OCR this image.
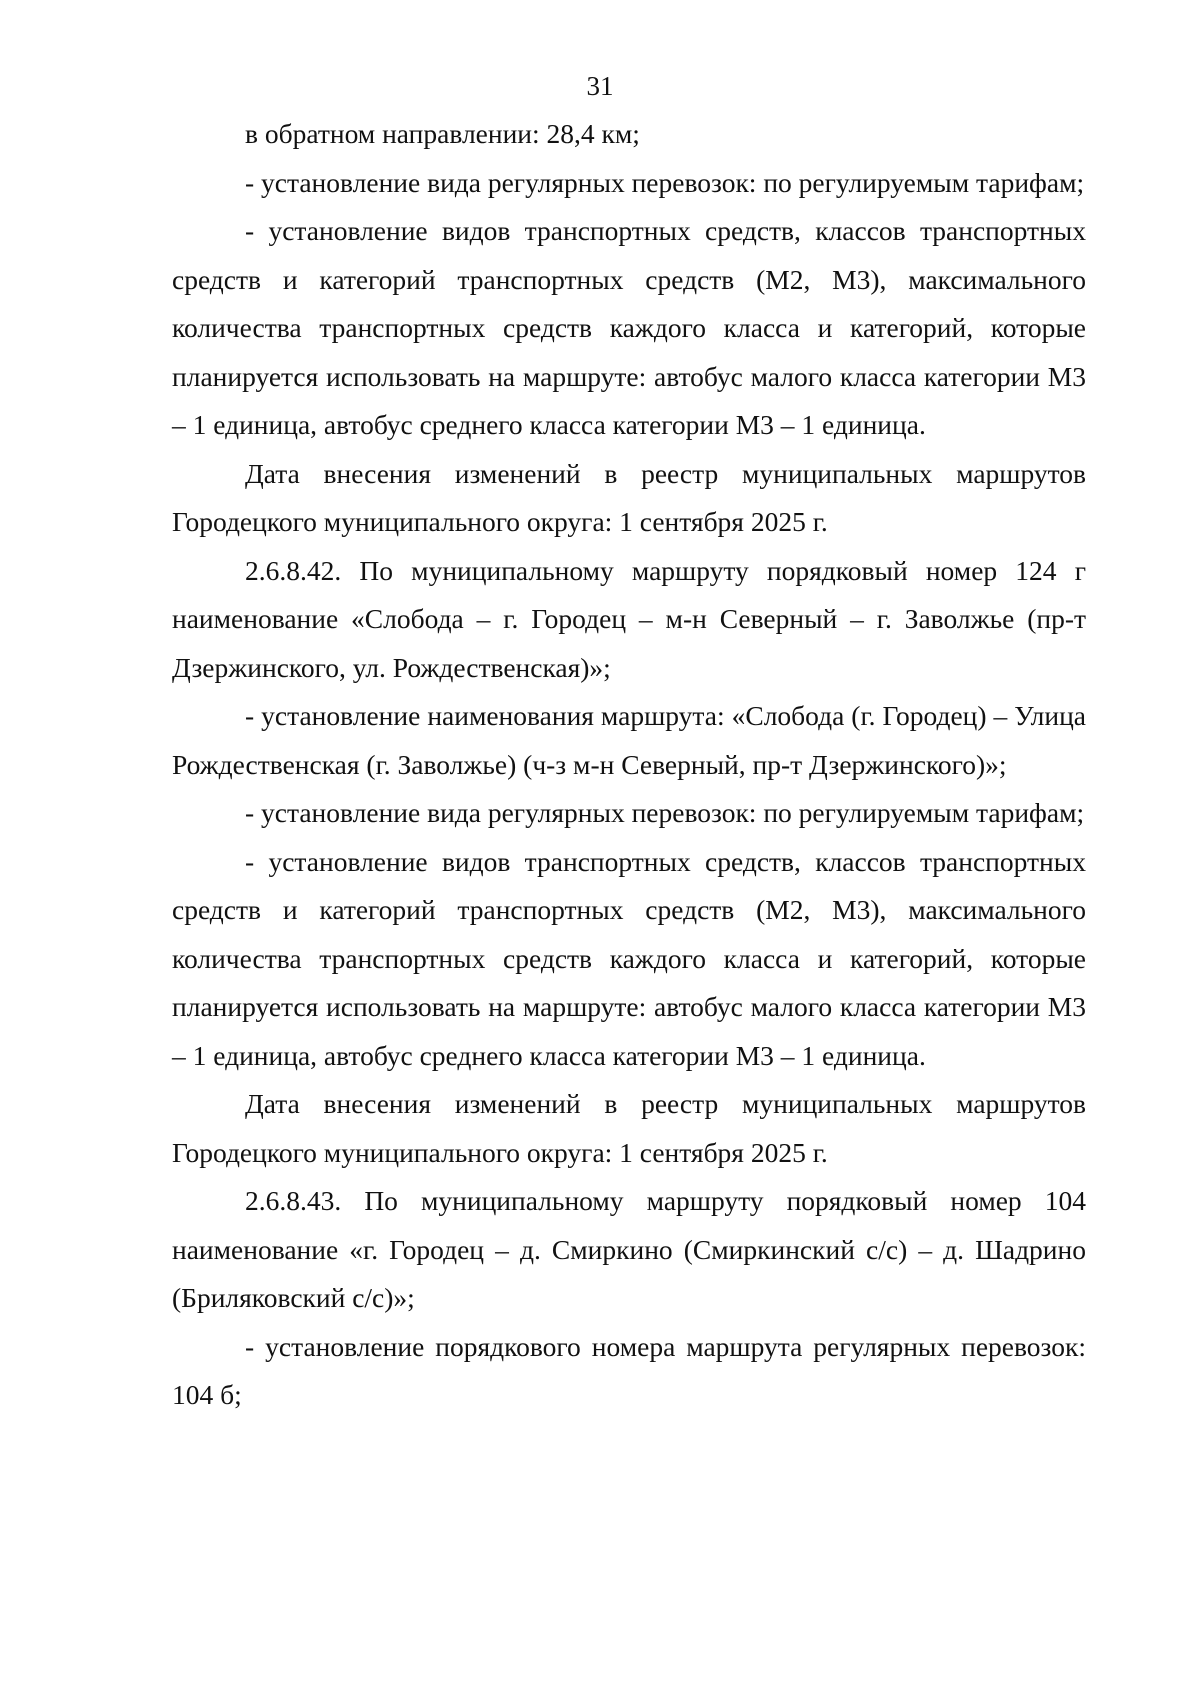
31

в обратном направлении: 28,4 км;

- установление вида регулярных перевозок: по регулируемым тарифам;

- установление видов транспортных средств, классов транспортных средств и категорий транспортных средств (М2, М3), максимального количества транспортных средств каждого класса и категорий, которые планируется использовать на маршруте: автобус малого класса категории М3 – 1 единица, автобус среднего класса категории М3 – 1 единица.

Дата внесения изменений в реестр муниципальных маршрутов Городецкого муниципального округа: 1 сентября 2025 г.

2.6.8.42. По муниципальному маршруту порядковый номер 124 г наименование «Слобода – г. Городец – м-н Северный – г. Заволжье (пр-т Дзержинского, ул. Рождественская)»;

- установление наименования маршрута: «Слобода (г. Городец) – Улица Рождественская (г. Заволжье) (ч-з м-н Северный, пр-т Дзержинского)»;

- установление вида регулярных перевозок: по регулируемым тарифам;

- установление видов транспортных средств, классов транспортных средств и категорий транспортных средств (М2, М3), максимального количества транспортных средств каждого класса и категорий, которые планируется использовать на маршруте: автобус малого класса категории М3 – 1 единица, автобус среднего класса категории М3 – 1 единица.

Дата внесения изменений в реестр муниципальных маршрутов Городецкого муниципального округа: 1 сентября 2025 г.

2.6.8.43. По муниципальному маршруту порядковый номер 104 наименование «г. Городец – д. Смиркино (Смиркинский с/с) – д. Шадрино (Бриляковский с/с)»;

- установление порядкового номера маршрута регулярных перевозок: 104 б;
